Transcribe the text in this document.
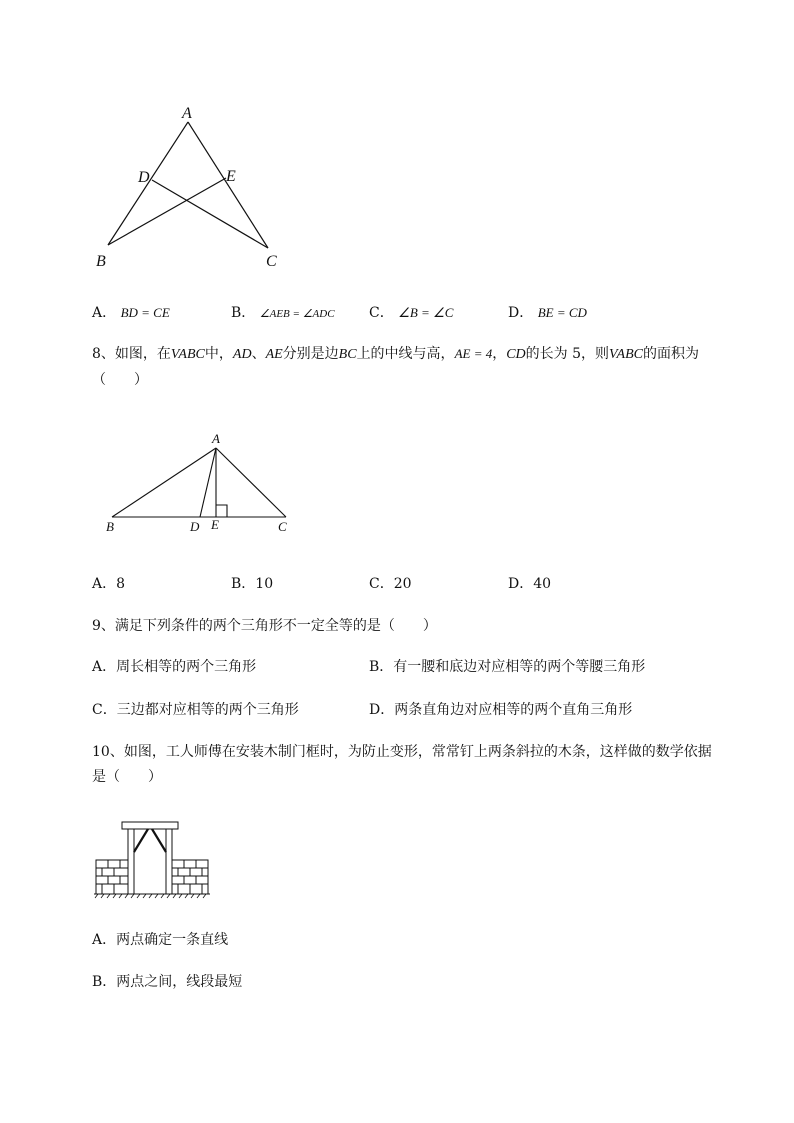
A
B	C
D	E
A． BD = CE	B． ∠AEB = ∠ADC C． ∠B = ∠C	D． BE = CD
8、如图，在VABC中，AD、AE分别是边BC上的中线与高，AE = 4，CD的长为 5，则VABC的面积为
（　　）
A
B	D E	C
A．8	B．10	C．20	D．40
9、满足下列条件的两个三角形不一定全等的是（　　）
A．周长相等的两个三角形	B．有一腰和底边对应相等的两个等腰三角形
C．三边都对应相等的两个三角形	D．两条直角边对应相等的两个直角三角形
10、如图，工人师傅在安装木制门框时，为防止变形，常常钉上两条斜拉的木条，这样做的数学依据
是（　　）
A．两点确定一条直线
B．两点之间，线段最短
